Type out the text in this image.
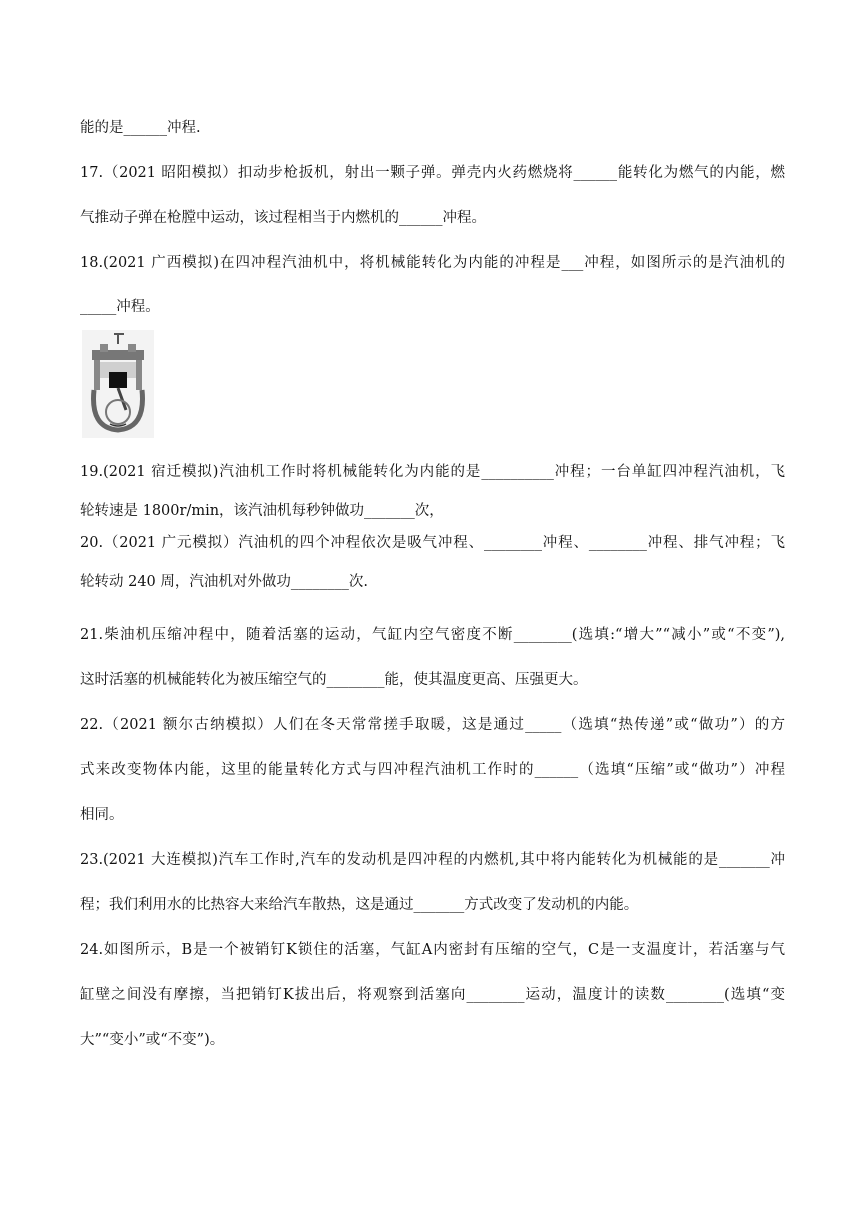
能的是______冲程.
17.（2021 昭阳模拟）扣动步枪扳机，射出一颗子弹。弹壳内火药燃烧将______能转化为燃气的内能，燃
气推动子弹在枪膛中运动，该过程相当于内燃机的______冲程。
18.(2021 广西模拟)在四冲程汽油机中，将机械能转化为内能的冲程是___冲程，如图所示的是汽油机的
_____冲程。
19.(2021 宿迁模拟)汽油机工作时将机械能转化为内能的是__________冲程；一台单缸四冲程汽油机，飞
轮转速是 1800r/min，该汽油机每秒钟做功_______次，
20.（2021 广元模拟）汽油机的四个冲程依次是吸气冲程、________冲程、________冲程、排气冲程；飞
轮转动 240 周，汽油机对外做功________次.
21.柴油机压缩冲程中，随着活塞的运动，气缸内空气密度不断________(选填:“增大”“减小”或“不变”),
这时活塞的机械能转化为被压缩空气的________能，使其温度更高、压强更大。
22.（2021 额尔古纳模拟）人们在冬天常常搓手取暖，这是通过_____（选填“热传递”或“做功”）的方
式来改变物体内能，这里的能量转化方式与四冲程汽油机工作时的______（选填“压缩”或“做功”）冲程
相同。
23.(2021 大连模拟)汽车工作时,汽车的发动机是四冲程的内燃机,其中将内能转化为机械能的是_______冲
程；我们利用水的比热容大来给汽车散热，这是通过_______方式改变了发动机的内能。
24.如图所示，B是一个被销钉K锁住的活塞，气缸A内密封有压缩的空气，C是一支温度计，若活塞与气
缸壁之间没有摩擦，当把销钉K拔出后，将观察到活塞向________运动，温度计的读数________(选填“变
大”“变小”或“不变”)。
